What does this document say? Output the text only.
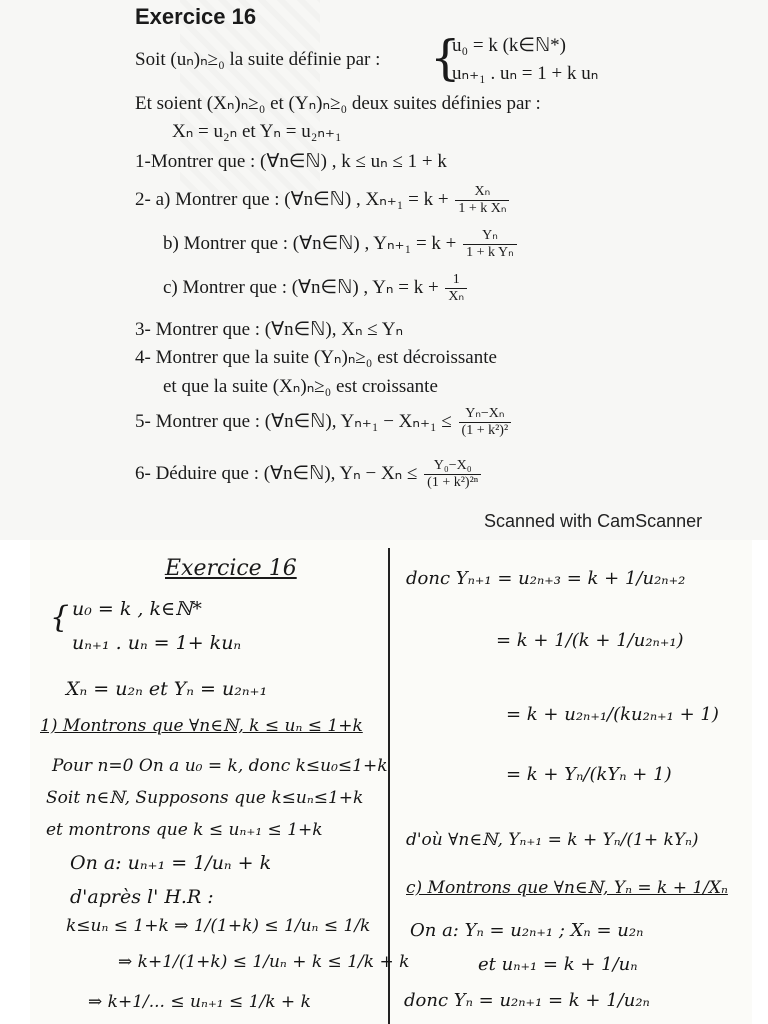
Exercice 16
Soit (uₙ)ₙ≥₀ la suite définie par : {
u₀ = k (k∈ℕ*)
uₙ₊₁ . uₙ = 1 + k uₙ
Et soient (Xₙ)ₙ≥₀ et (Yₙ)ₙ≥₀ deux suites définies par :
Xₙ = u₂ₙ et Yₙ = u₂ₙ₊₁
1-Montrer que : (∀n∈ℕ) , k ≤ uₙ ≤ 1 + k
2- a) Montrer que : (∀n∈ℕ) , $X_{n+1} = k + \frac{\text{Xₙ}}{\text{1 + k Xₙ}}$
b) Montrer que : (∀n∈ℕ) , $Y_{n+1} = k + \frac{\text{Yₙ}}{\text{1 + k Yₙ}}$
c) Montrer que : (∀n∈ℕ) , $Y_n = k + \frac{1}{\text{Xₙ}}$
3- Montrer que : (∀n∈ℕ), Xₙ ≤ Yₙ
4- Montrer que la suite (Yₙ)ₙ≥₀ est décroissante
et que la suite (Xₙ)ₙ≥₀ est croissante
5- Montrer que : (∀n∈ℕ), $Y_{n+1} - X_{n+1} \le \frac{\text{Yₙ−Xₙ}}{\text{(1 + k²)²}}$
6- Déduire que : (∀n∈ℕ), $Y_n - X_n \le \frac{\text{Y₀−X₀}}{\text{(1 + k²)²ⁿ}}$
Scanned with CamScanner
Exercice 16
{ u₀ = k , k∈ℕ*
uₙ₊₁ . uₙ = 1+ kuₙ
Xₙ = u₂ₙ et Yₙ = u₂ₙ₊₁
1) Montrons que ∀n∈ℕ, k ≤ uₙ ≤ 1+k
Pour n=0 On a u₀ = k, donc k≤u₀≤1+k
Soit n∈ℕ, Supposons que k≤uₙ≤1+k
et montrons que k ≤ uₙ₊₁ ≤ 1+k
On a: uₙ₊₁ = 1/uₙ + k
d'après l' H.R :
k≤uₙ ≤ 1+k ⇒ 1/(1+k) ≤ 1/uₙ ≤ 1/k
⇒ k+1/(1+k) ≤ 1/uₙ + k ≤ 1/k + k
⇒ k+1/... ≤ uₙ₊₁ ≤ 1/k + k
donc Yₙ₊₁ = u₂ₙ₊₃ = k + 1/u₂ₙ₊₂
= k + 1/(k + 1/u₂ₙ₊₁)
= k + u₂ₙ₊₁/(ku₂ₙ₊₁ + 1)
= k + Yₙ/(kYₙ + 1)
d'où ∀n∈ℕ, Yₙ₊₁ = k + Yₙ/(1+ kYₙ)
c) Montrons que ∀n∈ℕ, Yₙ = k + 1/Xₙ
On a: Yₙ = u₂ₙ₊₁ ; Xₙ = u₂ₙ
et uₙ₊₁ = k + 1/uₙ
donc Yₙ = u₂ₙ₊₁ = k + 1/u₂ₙ
